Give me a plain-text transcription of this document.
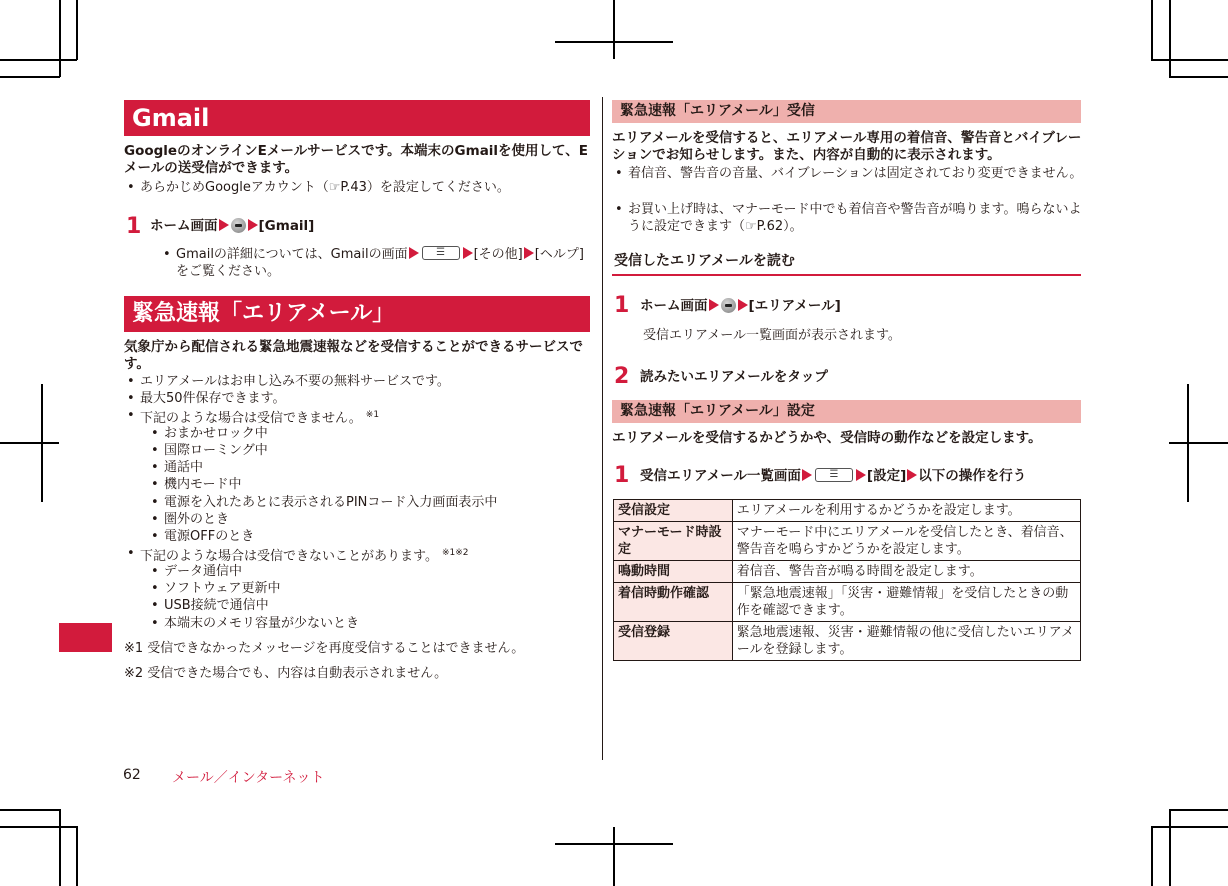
Gmail
GoogleのオンラインEメールサービスです。本端末のGmailを使用して、Eメールの送受信ができます。
• あらかじめGoogleアカウント（☞P.43）を設定してください。
1 ホーム画面	[Gmail]
• Gmailの詳細については、Gmailの画面 ☰	[その他] [ヘルプ]をご覧ください。
緊急速報「エリアメール」
気象庁から配信される緊急地震速報などを受信することができるサービスです。
• エリアメールはお申し込み不要の無料サービスです。
• 最大50件保存できます。
• 下記のような場合は受信できません。 $^{※1}$
• おまかせロック中
• 国際ローミング中
• 通話中
• 機内モード中
• 電源を入れたあとに表示されるPINコード入力画面表示中
• 圏外のとき
• 電源OFFのとき
• 下記のような場合は受信できないことがあります。 $^{※1※2}$
• データ通信中
• ソフトウェア更新中
• USB接続で通信中
• 本端末のメモリ容量が少ないとき
※1 受信できなかったメッセージを再度受信することはできません。
※2 受信できた場合でも、内容は自動表示されません。
62 メール／インターネット
緊急速報「エリアメール」受信
エリアメールを受信すると、エリアメール専用の着信音、警告音とバイブレーションでお知らせします。また、内容が自動的に表示されます。
• 着信音、警告音の音量、バイブレーションは固定されており変更できません。
• お買い上げ時は、マナーモード中でも着信音や警告音が鳴ります。鳴らないように設定できます（☞P.62）。
受信したエリアメールを読む
1 ホーム画面	[エリアメール]
受信エリアメール一覧画面が表示されます。
2 読みたいエリアメールをタップ
緊急速報「エリアメール」設定
エリアメールを受信するかどうかや、受信時の動作などを設定します。
1 受信エリアメール一覧画面 ☰	[設定] 以下の操作を行う
受信設定	エリアメールを利用するかどうかを設定します。
マナーモード時設定	マナーモード中にエリアメールを受信したとき、着信音、警告音を鳴らすかどうかを設定します。
鳴動時間	着信音、警告音が鳴る時間を設定します。
着信時動作確認	「緊急地震速報」「災害・避難情報」を受信したときの動作を確認できます。
受信登録	緊急地震速報、災害・避難情報の他に受信したいエリアメールを登録します。
